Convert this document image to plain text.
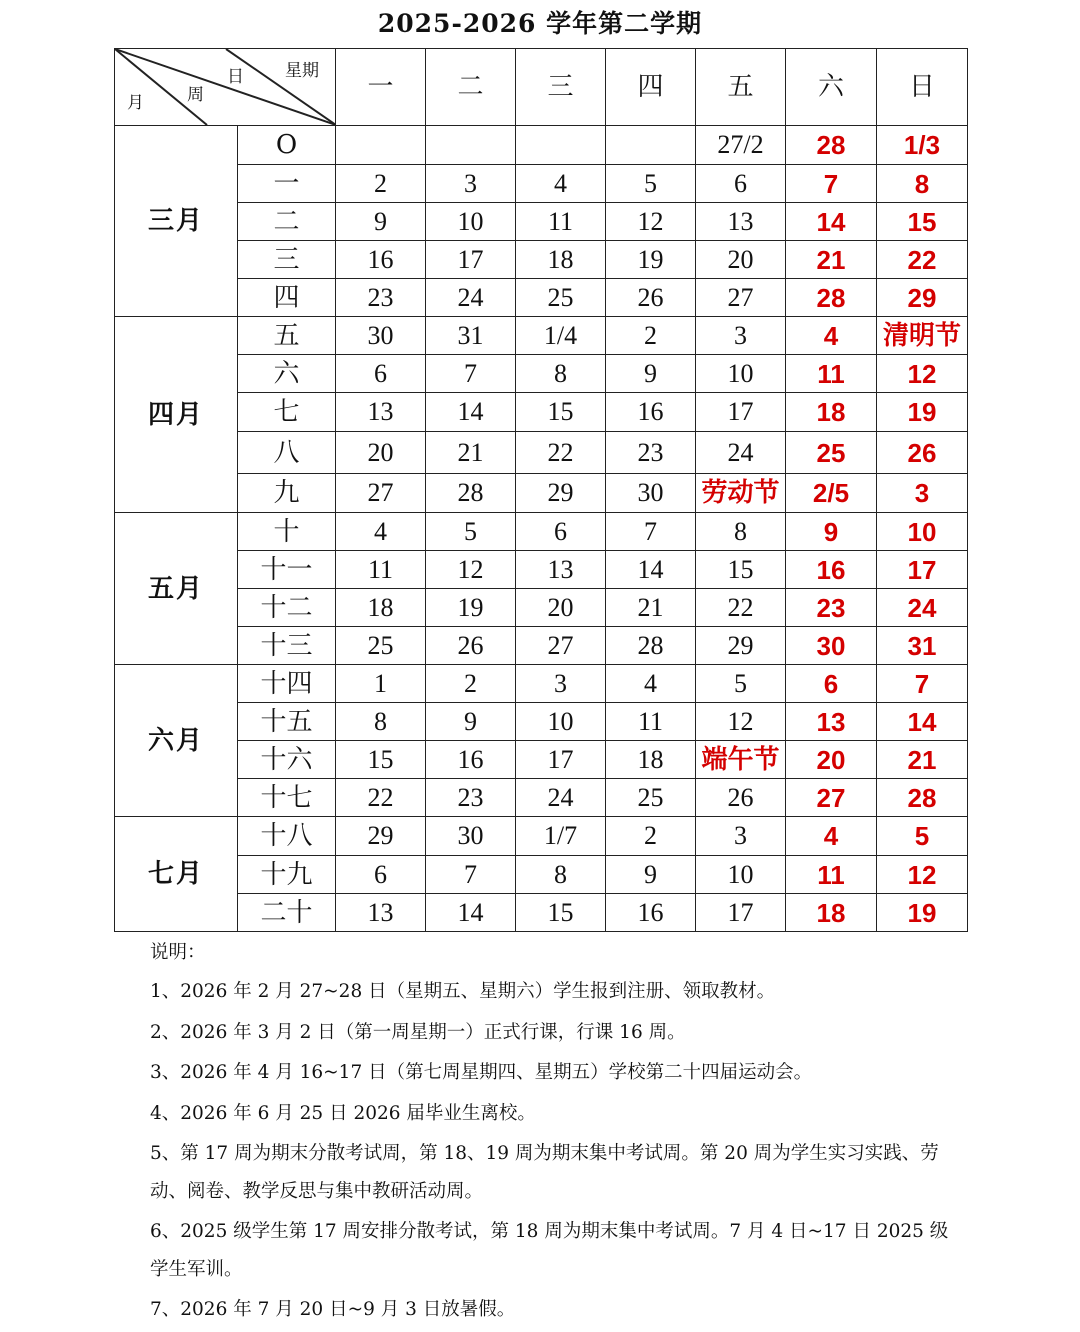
2025-2026 学年第二学期
星期
日
周
月		一	二	三	四	五	六	日
三月	O					27/2	28	1/3
	一	2	3	4	5	6	7	8
	二	9	10	11	12	13	14	15
	三	16	17	18	19	20	21	22
	四	23	24	25	26	27	28	29
四月	五	30	31	1/4	2	3	4	清明节
	六	6	7	8	9	10	11	12
	七	13	14	15	16	17	18	19
	八	20	21	22	23	24	25	26
	九	27	28	29	30	劳动节	2/5	3
五月	十	4	5	6	7	8	9	10
	十一	11	12	13	14	15	16	17
	十二	18	19	20	21	22	23	24
	十三	25	26	27	28	29	30	31
六月	十四	1	2	3	4	5	6	7
	十五	8	9	10	11	12	13	14
	十六	15	16	17	18	端午节	20	21
	十七	22	23	24	25	26	27	28
七月	十八	29	30	1/7	2	3	4	5
	十九	6	7	8	9	10	11	12
	二十	13	14	15	16	17	18	19
说明：
1、2026 年 2 月 27~28 日（星期五、星期六）学生报到注册、领取教材。
2、2026 年 3 月 2 日（第一周星期一）正式行课，行课 16 周。
3、2026 年 4 月 16~17 日（第七周星期四、星期五）学校第二十四届运动会。
4、2026 年 6 月 25 日 2026 届毕业生离校。
5、第 17 周为期末分散考试周，第 18、19 周为期末集中考试周。第 20 周为学生实习实践、劳动、阅卷、教学反思与集中教研活动周。
6、2025 级学生第 17 周安排分散考试，第 18 周为期末集中考试周。7 月 4 日~17 日 2025 级学生军训。
7、2026 年 7 月 20 日~9 月 3 日放暑假。
